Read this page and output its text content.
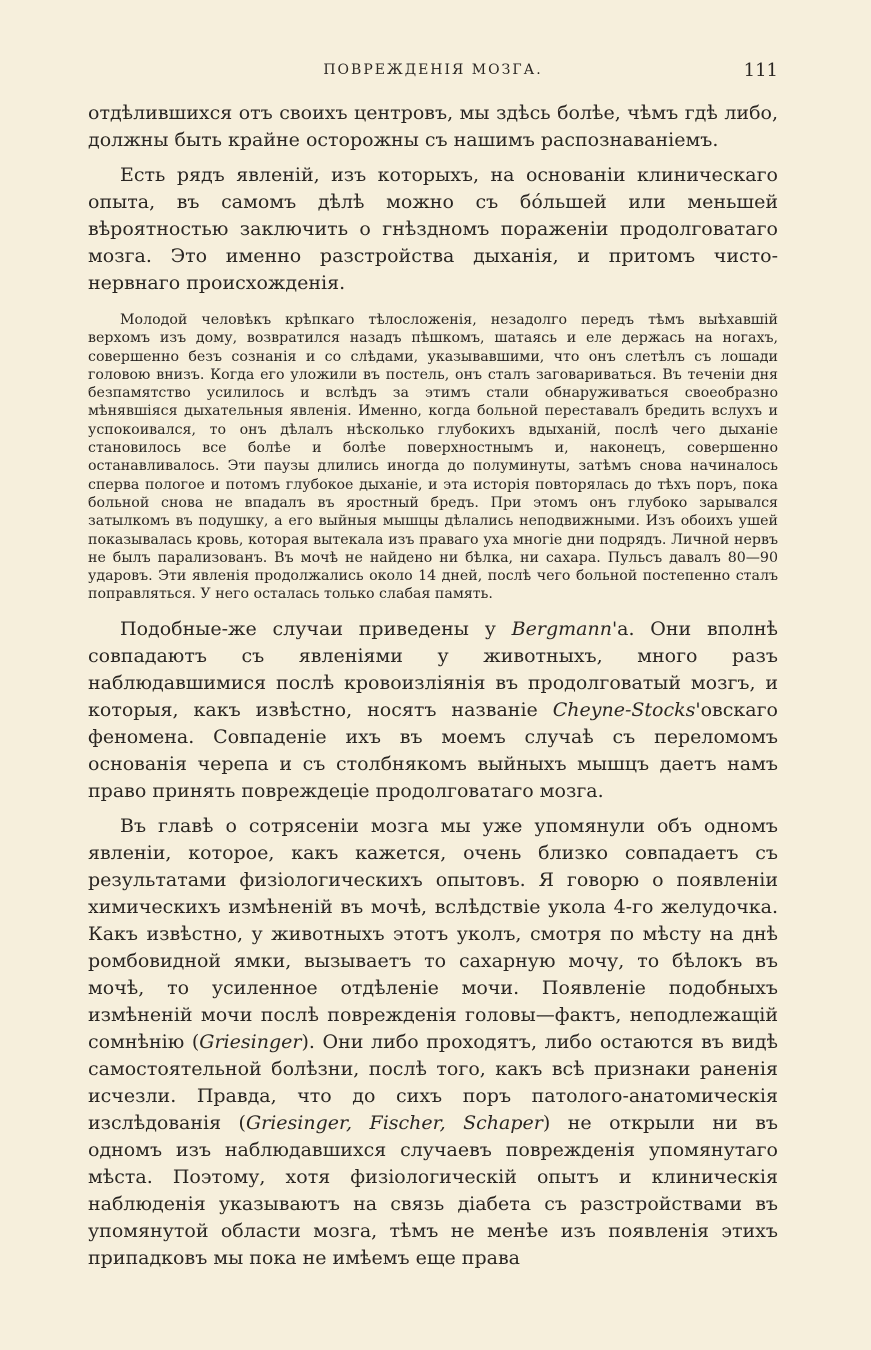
ПОВРЕЖДЕНІЯ МОЗГА.	111

отдѣлившихся отъ своихъ центровъ, мы здѣсь болѣе, чѣмъ гдѣ либо, должны быть крайне осторожны съ нашимъ распознаваніемъ.

Есть рядъ явленій, изъ которыхъ, на основаніи клиническаго опыта, въ самомъ дѣлѣ можно съ бо́льшей или меньшей вѣроятностью заключить о гнѣздномъ пораженіи продолговатаго мозга. Это именно разстройства дыханія, и притомъ чисто-нервнаго происхожденія.

Молодой человѣкъ крѣпкаго тѣлосложенія, незадолго передъ тѣмъ выѣхавшій верхомъ изъ дому, возвратился назадъ пѣшкомъ, шатаясь и еле держась на ногахъ, совершенно безъ сознанія и со слѣдами, указывавшими, что онъ слетѣлъ съ лошади головою внизъ. Когда его уложили въ постель, онъ сталъ заговариваться. Въ теченіи дня безпамятство усилилось и вслѣдъ за этимъ стали обнаруживаться своеобразно мѣнявшіяся дыхательныя явленія. Именно, когда больной переставалъ бредить вслухъ и успокоивался, то онъ дѣлалъ нѣсколько глубокихъ вдыханій, послѣ чего дыханіе становилось все болѣе и болѣе поверхностнымъ и, наконецъ, совершенно останавливалось. Эти паузы длились иногда до полуминуты, затѣмъ снова начиналось сперва пологое и потомъ глубокое дыханіе, и эта исторія повторялась до тѣхъ поръ, пока больной снова не впадалъ въ яростный бредъ. При этомъ онъ глубоко зарывался затылкомъ въ подушку, а его выйныя мышцы дѣлались неподвижными. Изъ обоихъ ушей показывалась кровь, которая вытекала изъ праваго уха многіе дни подрядъ. Личной нервъ не былъ парализованъ. Въ мочѣ не найдено ни бѣлка, ни сахара. Пульсъ давалъ 80—90 ударовъ. Эти явленія продолжались около 14 дней, послѣ чего больной постепенно сталъ поправляться. У него осталась только слабая память.

Подобные-же случаи приведены у Bergmann'а. Они вполнѣ совпадаютъ съ явленіями у животныхъ, много разъ наблюдавшимися послѣ кровоизліянія въ продолговатый мозгъ, и которыя, какъ извѣстно, носятъ названіе Cheyne-Stocks'овскаго феномена. Совпаденіе ихъ въ моемъ случаѣ съ переломомъ основанія черепа и съ столбнякомъ выйныхъ мышцъ даетъ намъ право принять повреждеціе продолговатаго мозга.

Въ главѣ о сотрясеніи мозга мы уже упомянули объ одномъ явленіи, которое, какъ кажется, очень близко совпадаетъ съ результатами физіологическихъ опытовъ. Я говорю о появленіи химическихъ измѣненій въ мочѣ, вслѣдствіе укола 4-го желудочка. Какъ извѣстно, у животныхъ этотъ уколъ, смотря по мѣсту на днѣ ромбовидной ямки, вызываетъ то сахарную мочу, то бѣлокъ въ мочѣ, то усиленное отдѣленіе мочи. Появленіе подобныхъ измѣненій мочи послѣ поврежденія головы—фактъ, неподлежащій сомнѣнію (Griesinger). Они либо проходятъ, либо остаются въ видѣ самостоятельной болѣзни, послѣ того, какъ всѣ признаки раненія исчезли. Правда, что до сихъ поръ патолого-анатомическія изслѣдованія (Griesinger, Fischer, Schaper) не открыли ни въ одномъ изъ наблюдавшихся случаевъ поврежденія упомянутаго мѣста. Поэтому, хотя физіологическій опытъ и клиническія наблюденія указываютъ на связь діабета съ разстройствами въ упомянутой области мозга, тѣмъ не менѣе изъ появленія этихъ припадковъ мы пока не имѣемъ еще права
